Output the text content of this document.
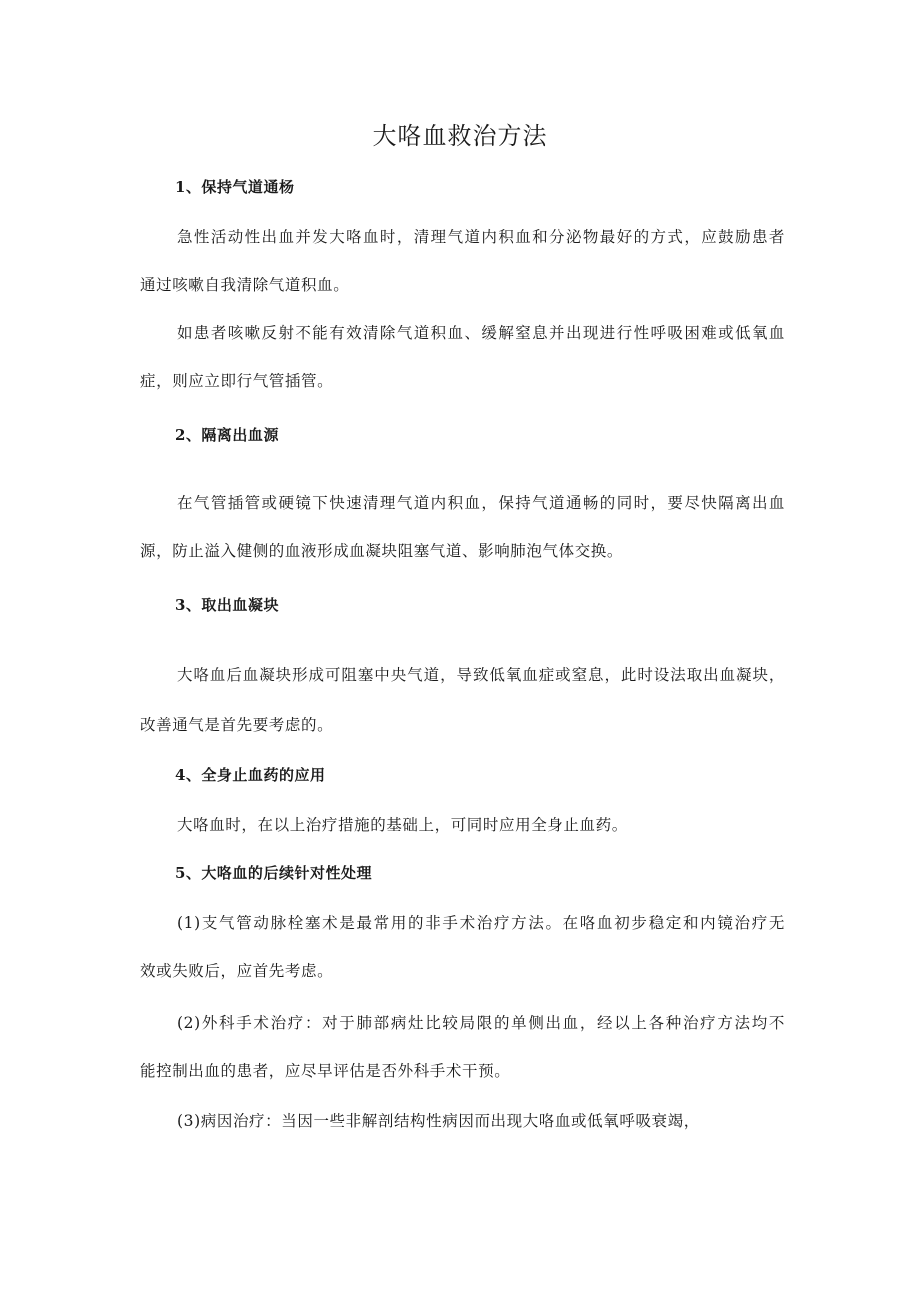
大咯血救治方法
1、保持气道通杨
急性活动性出血并发大咯血时，清理气道内积血和分泌物最好的方式，应鼓励患者
通过咳嗽自我清除气道积血。
如患者咳嗽反射不能有效清除气道积血、缓解窒息并出现进行性呼吸困难或低氧血
症，则应立即行气管插管。
2、隔离出血源
在气管插管或硬镜下快速清理气道内积血，保持气道通畅的同时，要尽快隔离出血
源，防止溢入健侧的血液形成血凝块阻塞气道、影响肺泡气体交换。
3、取出血凝块
大咯血后血凝块形成可阻塞中央气道，导致低氧血症或窒息，此时设法取出血凝块，
改善通气是首先要考虑的。
4、全身止血药的应用
大咯血时，在以上治疗措施的基础上，可同时应用全身止血药。
5、大咯血的后续针对性处理
(1)支气管动脉栓塞术是最常用的非手术治疗方法。在咯血初步稳定和内镜治疗无
效或失败后，应首先考虑。
(2)外科手术治疗：对于肺部病灶比较局限的单侧出血，经以上各种治疗方法均不
能控制出血的患者，应尽早评估是否外科手术干预。
(3)病因治疗：当因一些非解剖结构性病因而出现大咯血或低氧呼吸衰竭，
